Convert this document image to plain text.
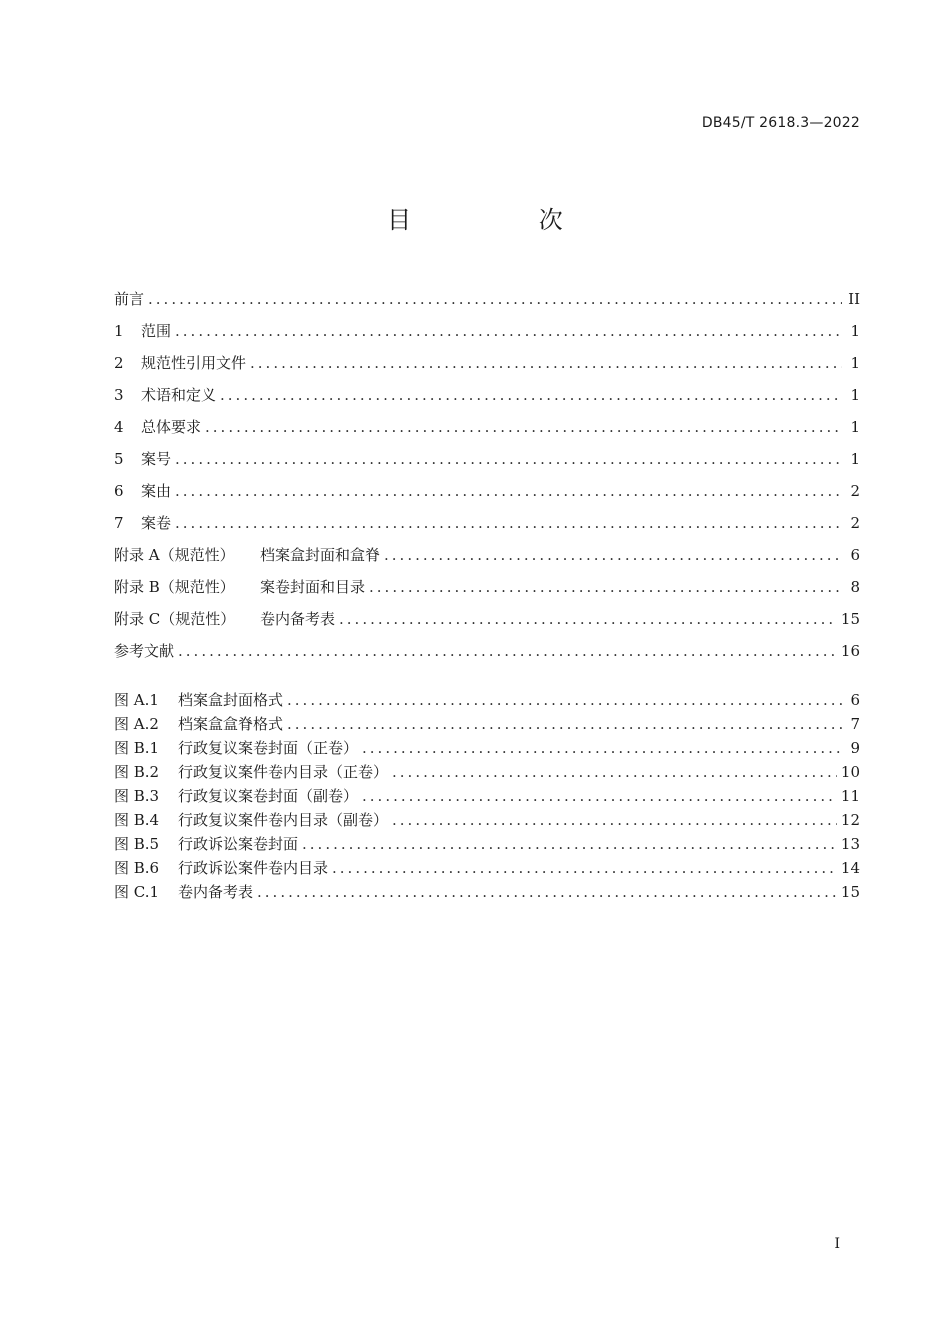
DB45/T 2618.3—2022
目 次
前言 .....	II
1	范围 .....	1
2	规范性引用文件 .....	1
3	术语和定义 .....	1
4	总体要求 .....	1
5	案号 .....	1
6	案由 .....	2
7	案卷 .....	2
附录 A（规范性）	档案盒封面和盒脊 .....	6
附录 B（规范性）	案卷封面和目录 .....	8
附录 C（规范性）	卷内备考表 .....	15
参考文献 .....	16
图 A.1	档案盒封面格式 .....	6
图 A.2	档案盒盒脊格式 .....	7
图 B.1	行政复议案卷封面（正卷） .....	9
图 B.2	行政复议案件卷内目录（正卷） .....	10
图 B.3	行政复议案卷封面（副卷） .....	11
图 B.4	行政复议案件卷内目录（副卷） .....	12
图 B.5	行政诉讼案卷封面 .....	13
图 B.6	行政诉讼案件卷内目录 .....	14
图 C.1	卷内备考表 .....	15
I
